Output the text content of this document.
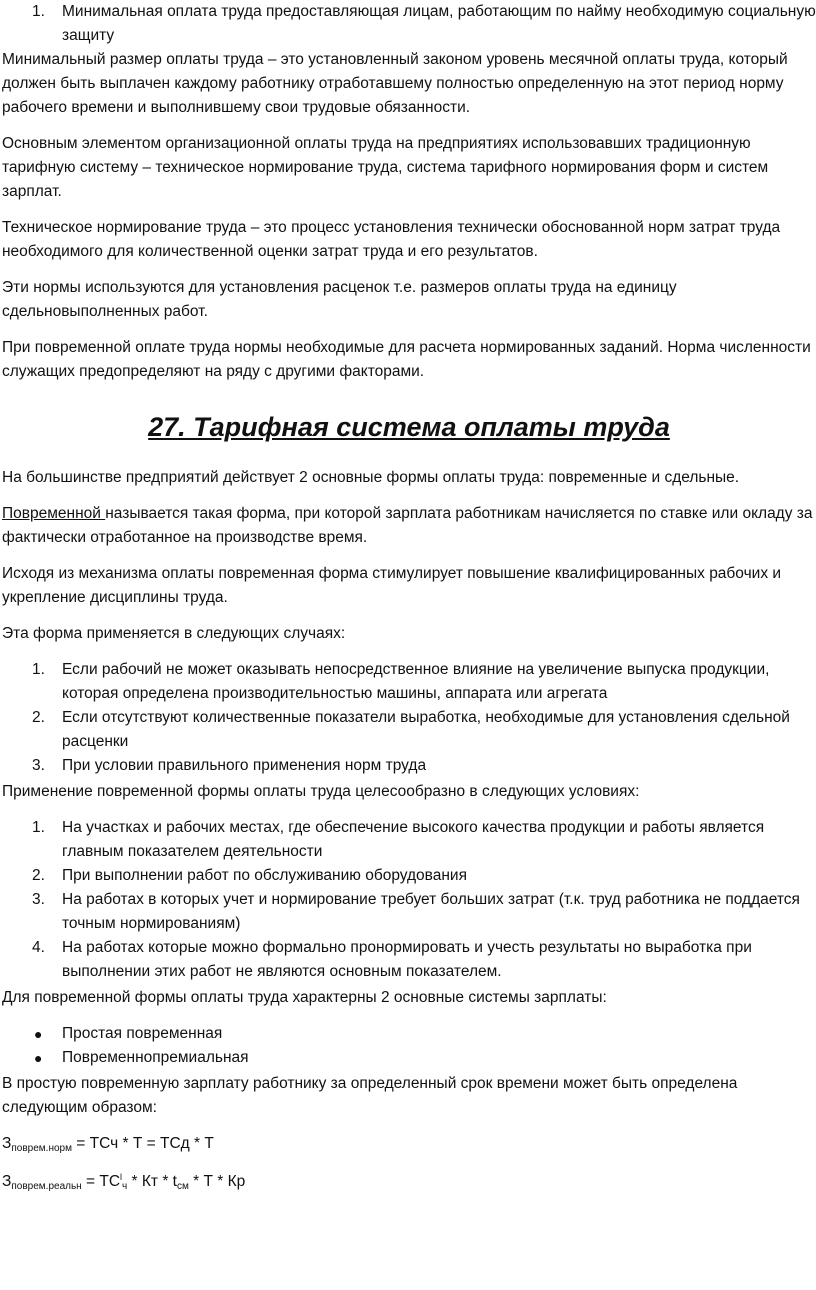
1. Минимальная оплата труда предоставляющая лицам, работающим по найму необходимую социальную защиту

Минимальный размер оплаты труда – это установленный законом уровень месячной оплаты труда, который должен быть выплачен каждому работнику отработавшему полностью определенную на этот период норму рабочего времени и выполнившему свои трудовые обязанности.

Основным элементом организационной оплаты труда на предприятиях использовавших традиционную тарифную систему – техническое нормирование труда, система тарифного нормирования форм и систем зарплат.

Техническое нормирование труда – это процесс установления технически обоснованной норм затрат труда необходимого для количественной оценки затрат труда и его результатов.

Эти нормы используются для установления расценок т.е. размеров оплаты труда на единицу сдельновыполненных работ.

При повременной оплате труда нормы необходимые для расчета нормированных заданий. Норма численности служащих предопределяют на ряду с другими факторами.

27. Тарифная система оплаты труда

На большинстве предприятий действует 2 основные формы оплаты труда: повременные и сдельные.

Повременной называется такая форма, при которой зарплата работникам начисляется по ставке или окладу за фактически отработанное на производстве время.

Исходя из механизма оплаты повременная форма стимулирует повышение квалифицированных рабочих и укрепление дисциплины труда.

Эта форма применяется в следующих случаях:

1. Если рабочий не может оказывать непосредственное влияние на увеличение выпуска продукции, которая определена производительностью машины, аппарата или агрегата
2. Если отсутствуют количественные показатели выработка, необходимые для установления сдельной расценки
3. При условии правильного применения норм труда

Применение повременной формы оплаты труда целесообразно в следующих условиях:

1. На участках и рабочих местах, где обеспечение высокого качества продукции и работы является главным показателем деятельности
2. При выполнении работ по обслуживанию оборудования
3. На работах в которых учет и нормирование требует больших затрат (т.к. труд работника не поддается точным нормированиям)
4. На работах которые можно формально пронормировать и учесть результаты но выработка при выполнении этих работ не являются основным показателем.

Для повременной формы оплаты труда характерны 2 основные системы зарплаты:

● Простая повременная
● Повременнопремиальная

В простую повременную зарплату работнику за определенный срок времени может быть определена следующим образом:

$З_{поврем.норм}$ = ТСч * Т = ТСд * Т

$З_{поврем.реальн} = ТС^l_ч$ * Кт * $t_{см}$ * Т * Кр
